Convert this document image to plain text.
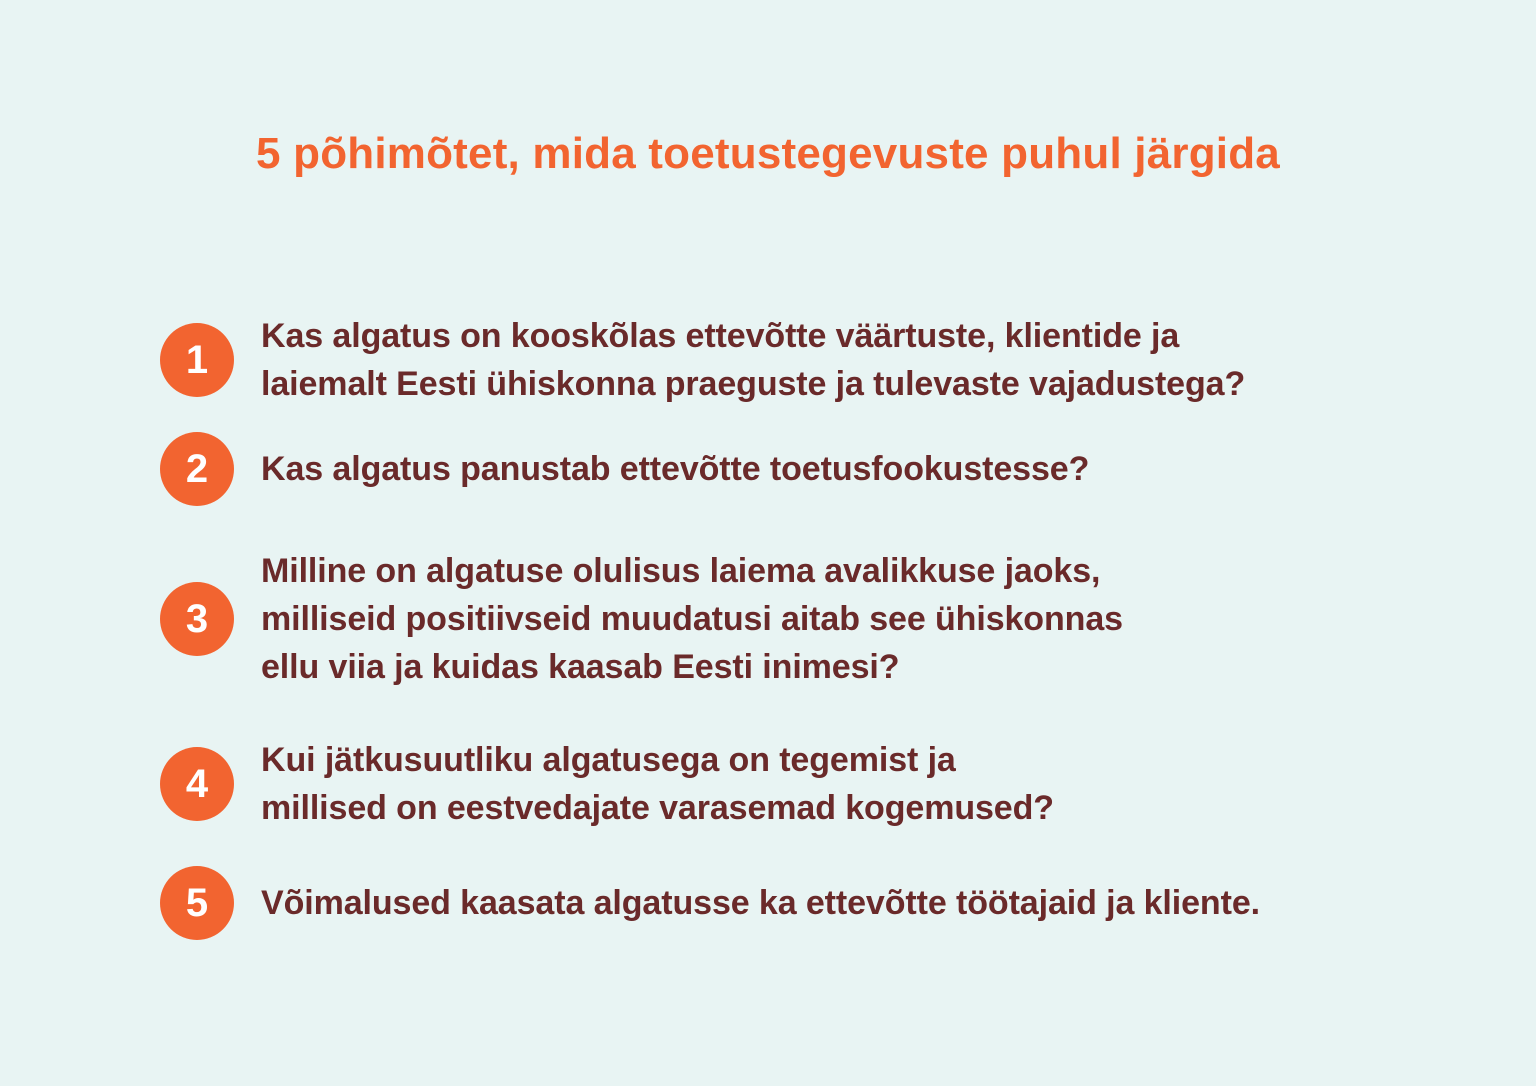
5 põhimõtet, mida toetustegevuste puhul järgida
1
Kas algatus on kooskõlas ettevõtte väärtuste, klientide ja
laiemalt Eesti ühiskonna praeguste ja tulevaste vajadustega?
2	Kas algatus panustab ettevõtte toetusfookustesse?
3
Milline on algatuse olulisus laiema avalikkuse jaoks,
milliseid positiivseid muudatusi aitab see ühiskonnas
ellu viia ja kuidas kaasab Eesti inimesi?
4
Kui jätkusuutliku algatusega on tegemist ja
millised on eestvedajate varasemad kogemused?
5	Võimalused kaasata algatusse ka ettevõtte töötajaid ja kliente.
